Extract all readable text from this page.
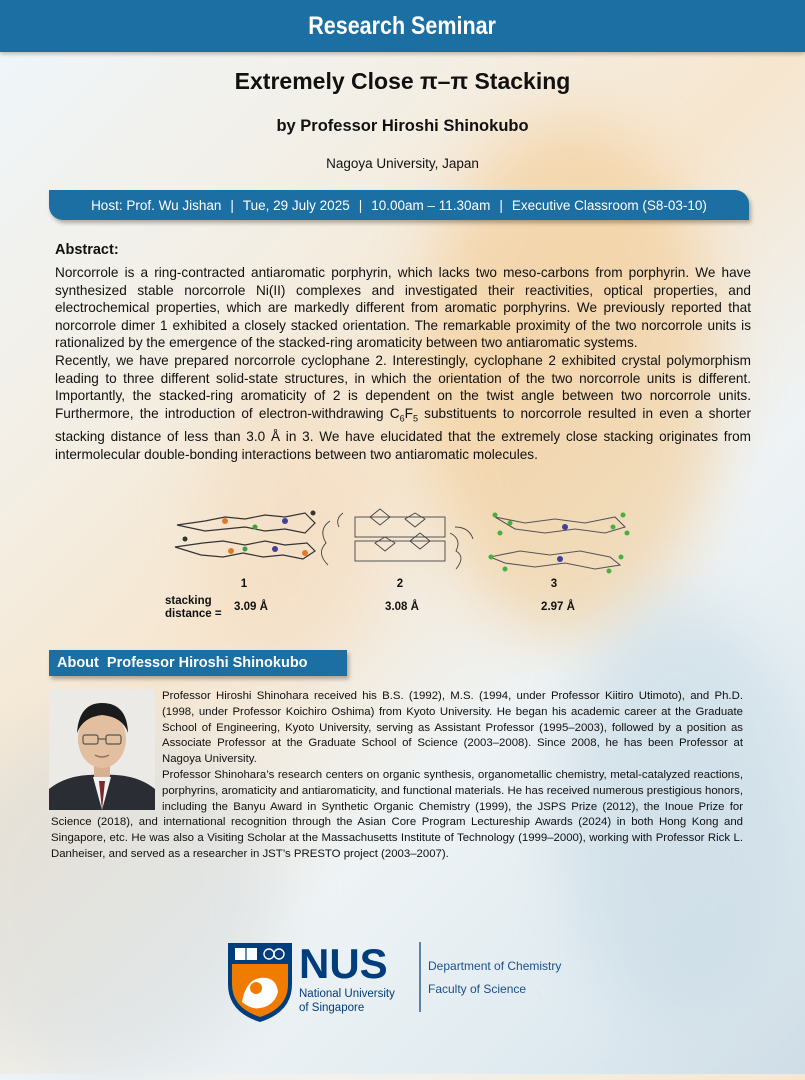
Research Seminar
Extremely Close π–π Stacking
by Professor Hiroshi Shinokubo
Nagoya University, Japan
Host: Prof. Wu Jishan | Tue, 29 July 2025 | 10.00am – 11.30am | Executive Classroom (S8-03-10)
Abstract:

Norcorrole is a ring-contracted antiaromatic porphyrin, which lacks two meso-carbons from porphyrin. We have synthesized stable norcorrole Ni(II) complexes and investigated their reactivities, optical properties, and electrochemical properties, which are markedly different from aromatic porphyrins. We previously reported that norcorrole dimer 1 exhibited a closely stacked orientation. The remarkable proximity of the two norcorrole units is rationalized by the emergence of the stacked-ring aromaticity between two antiaromatic systems.

Recently, we have prepared norcorrole cyclophane 2. Interestingly, cyclophane 2 exhibited crystal polymorphism leading to three different solid-state structures, in which the orientation of the two norcorrole units is different. Importantly, the stacked-ring aromaticity of 2 is dependent on the twist angle between two norcorrole units. Furthermore, the introduction of electron-withdrawing $C_6F_5$ substituents to norcorrole resulted in even a shorter stacking distance of less than 3.0 Å in 3. We have elucidated that the extremely close stacking originates from intermolecular double-bonding interactions between two antiaromatic molecules.

stacking
distance =
1	2	3
3.09 Å	3.08 Å	2.97 Å
About  Professor Hiroshi Shinokubo

Professor Hiroshi Shinohara received his B.S. (1992), M.S. (1994, under Professor Kiitiro Utimoto), and Ph.D. (1998, under Professor Koichiro Oshima) from Kyoto University. He began his academic career at the Graduate School of Engineering, Kyoto University, serving as Assistant Professor (1995–2003), followed by a position as Associate Professor at the Graduate School of Science (2003–2008). Since 2008, he has been Professor at Nagoya University.

Professor Shinohara’s research centers on organic synthesis, organometallic chemistry, metal-catalyzed reactions, porphyrins, aromaticity and antiaromaticity, and functional materials. He has received numerous prestigious honors, including the Banyu Award in Synthetic Organic Chemistry (1999), the JSPS Prize (2012), the Inoue Prize for Science (2018), and international recognition through the Asian Core Program Lectureship Awards (2024) in both Hong Kong and Singapore, etc. He was also a Visiting Scholar at the Massachusetts Institute of Technology (1999–2000), working with Professor Rick L. Danheiser, and served as a researcher in JST’s PRESTO project (2003–2007).

NUS
National University
of Singapore
Department of Chemistry
Faculty of Science
